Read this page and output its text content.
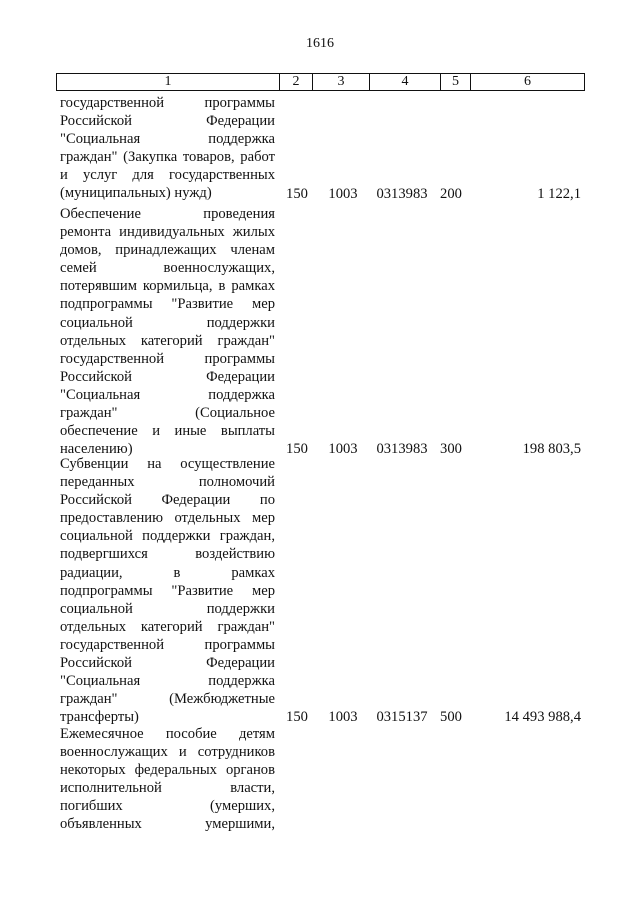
1616
1	2	3	4	5	6
государственной программы
Российской Федерации
"Социальная поддержка
граждан" (Закупка товаров, работ
и услуг для государственных
(муниципальных) нужд)	150	1003	0313983 200	1 122,1
Обеспечение проведения
ремонта индивидуальных жилых
домов, принадлежащих членам
семей военнослужащих,
потерявшим кормильца, в рамках
подпрограммы "Развитие мер
социальной поддержки
отдельных категорий граждан"
государственной программы
Российской Федерации
"Социальная поддержка
граждан" (Социальное
обеспечение и иные выплаты
населению)	150	1003	0313983 300	198 803,5
Субвенции на осуществление
переданных полномочий
Российской Федерации по
предоставлению отдельных мер
социальной поддержки граждан,
подвергшихся воздействию
радиации, в рамках
подпрограммы "Развитие мер
социальной поддержки
отдельных категорий граждан"
государственной программы
Российской Федерации
"Социальная поддержка
граждан" (Межбюджетные
трансферты)	150	1003	0315137 500	14 493 988,4
Ежемесячное пособие детям
военнослужащих и сотрудников
некоторых федеральных органов
исполнительной власти,
погибших (умерших,
объявленных умершими,
